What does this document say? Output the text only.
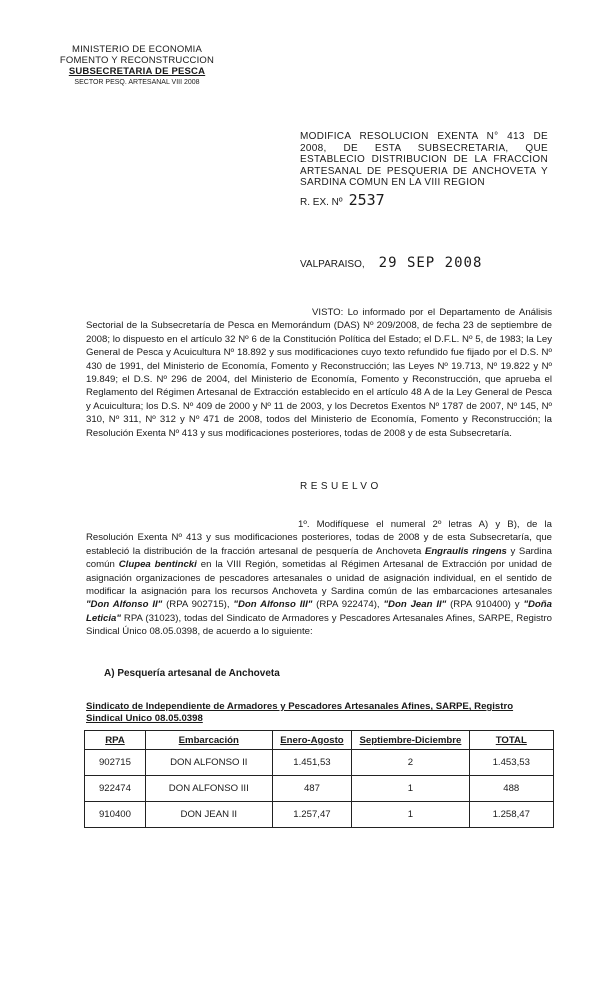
MINISTERIO DE ECONOMIA
FOMENTO Y RECONSTRUCCION
SUBSECRETARIA DE PESCA
SECTOR PESQ. ARTESANAL VIII 2008
MODIFICA RESOLUCION EXENTA N° 413 DE 2008, DE ESTA SUBSECRETARIA, QUE ESTABLECIO DISTRIBUCION DE LA FRACCION ARTESANAL DE PESQUERIA DE ANCHOVETA Y SARDINA COMUN EN LA VIII REGION
R. EX. Nº 2537
VALPARAISO, 29 SEP 2008
VISTO: Lo informado por el Departamento de Análisis Sectorial de la Subsecretaría de Pesca en Memorándum (DAS) Nº 209/2008, de fecha 23 de septiembre de 2008; lo dispuesto en el artículo 32 Nº 6 de la Constitución Política del Estado; el D.F.L. Nº 5, de 1983; la Ley General de Pesca y Acuicultura Nº 18.892 y sus modificaciones cuyo texto refundido fue fijado por el D.S. Nº 430 de 1991, del Ministerio de Economía, Fomento y Reconstrucción; las Leyes Nº 19.713, Nº 19.822 y Nº 19.849; el D.S. Nº 296 de 2004, del Ministerio de Economía, Fomento y Reconstrucción, que aprueba el Reglamento del Régimen Artesanal de Extracción establecido en el artículo 48 A de la Ley General de Pesca y Acuicultura; los D.S. Nº 409 de 2000 y Nº 11 de 2003, y los Decretos Exentos Nº 1787 de 2007, Nº 145, Nº 310, Nº 311, Nº 312 y Nº 471 de 2008, todos del Ministerio de Economía, Fomento y Reconstrucción; la Resolución Exenta Nº 413 y sus modificaciones posteriores, todas de 2008 y de esta Subsecretaría.
RESUELVO
1º. Modifíquese el numeral 2º letras A) y B), de la Resolución Exenta Nº 413 y sus modificaciones posteriores, todas de 2008 y de esta Subsecretaría, que estableció la distribución de la fracción artesanal de pesquería de Anchoveta Engraulis ringens y Sardina común Clupea bentincki en la VIII Región, sometidas al Régimen Artesanal de Extracción por unidad de asignación organizaciones de pescadores artesanales o unidad de asignación individual, en el sentido de modificar la asignación para los recursos Anchoveta y Sardina común de las embarcaciones artesanales "Don Alfonso II" (RPA 902715), "Don Alfonso III" (RPA 922474), "Don Jean II" (RPA 910400) y "Doña Leticia" RPA (31023), todas del Sindicato de Armadores y Pescadores Artesanales Afines, SARPE, Registro Sindical Único 08.05.0398, de acuerdo a lo siguiente:
A) Pesquería artesanal de Anchoveta
Sindicato de Independiente de Armadores y Pescadores Artesanales Afines, SARPE, Registro Sindical Unico 08.05.0398
RPA	Embarcación	Enero-Agosto	Septiembre-Diciembre	TOTAL
902715	DON ALFONSO II	1.451,53	2	1.453,53
922474	DON ALFONSO III	487	1	488
910400	DON JEAN II	1.257,47	1	1.258,47
